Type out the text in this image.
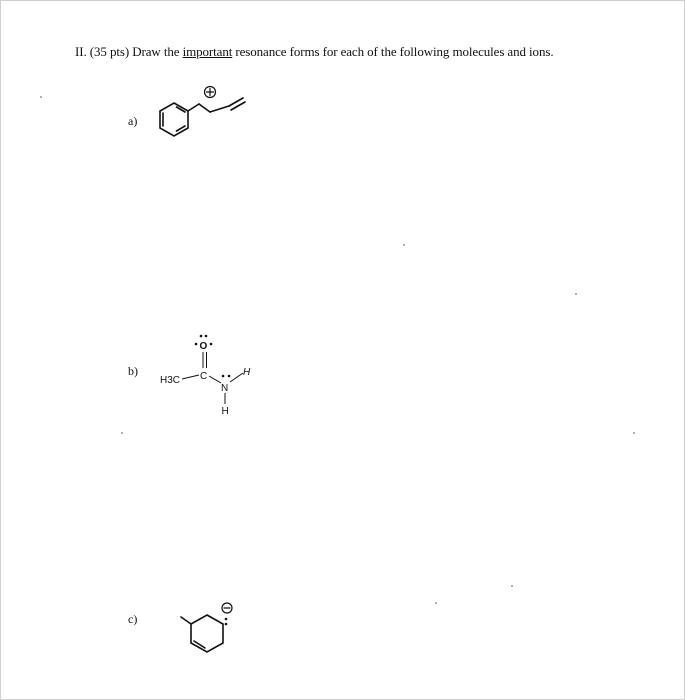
II. (35 pts) Draw the important resonance forms for each of the following molecules and ions.
a)
b)
c)
H3C C
O
N
H
H
